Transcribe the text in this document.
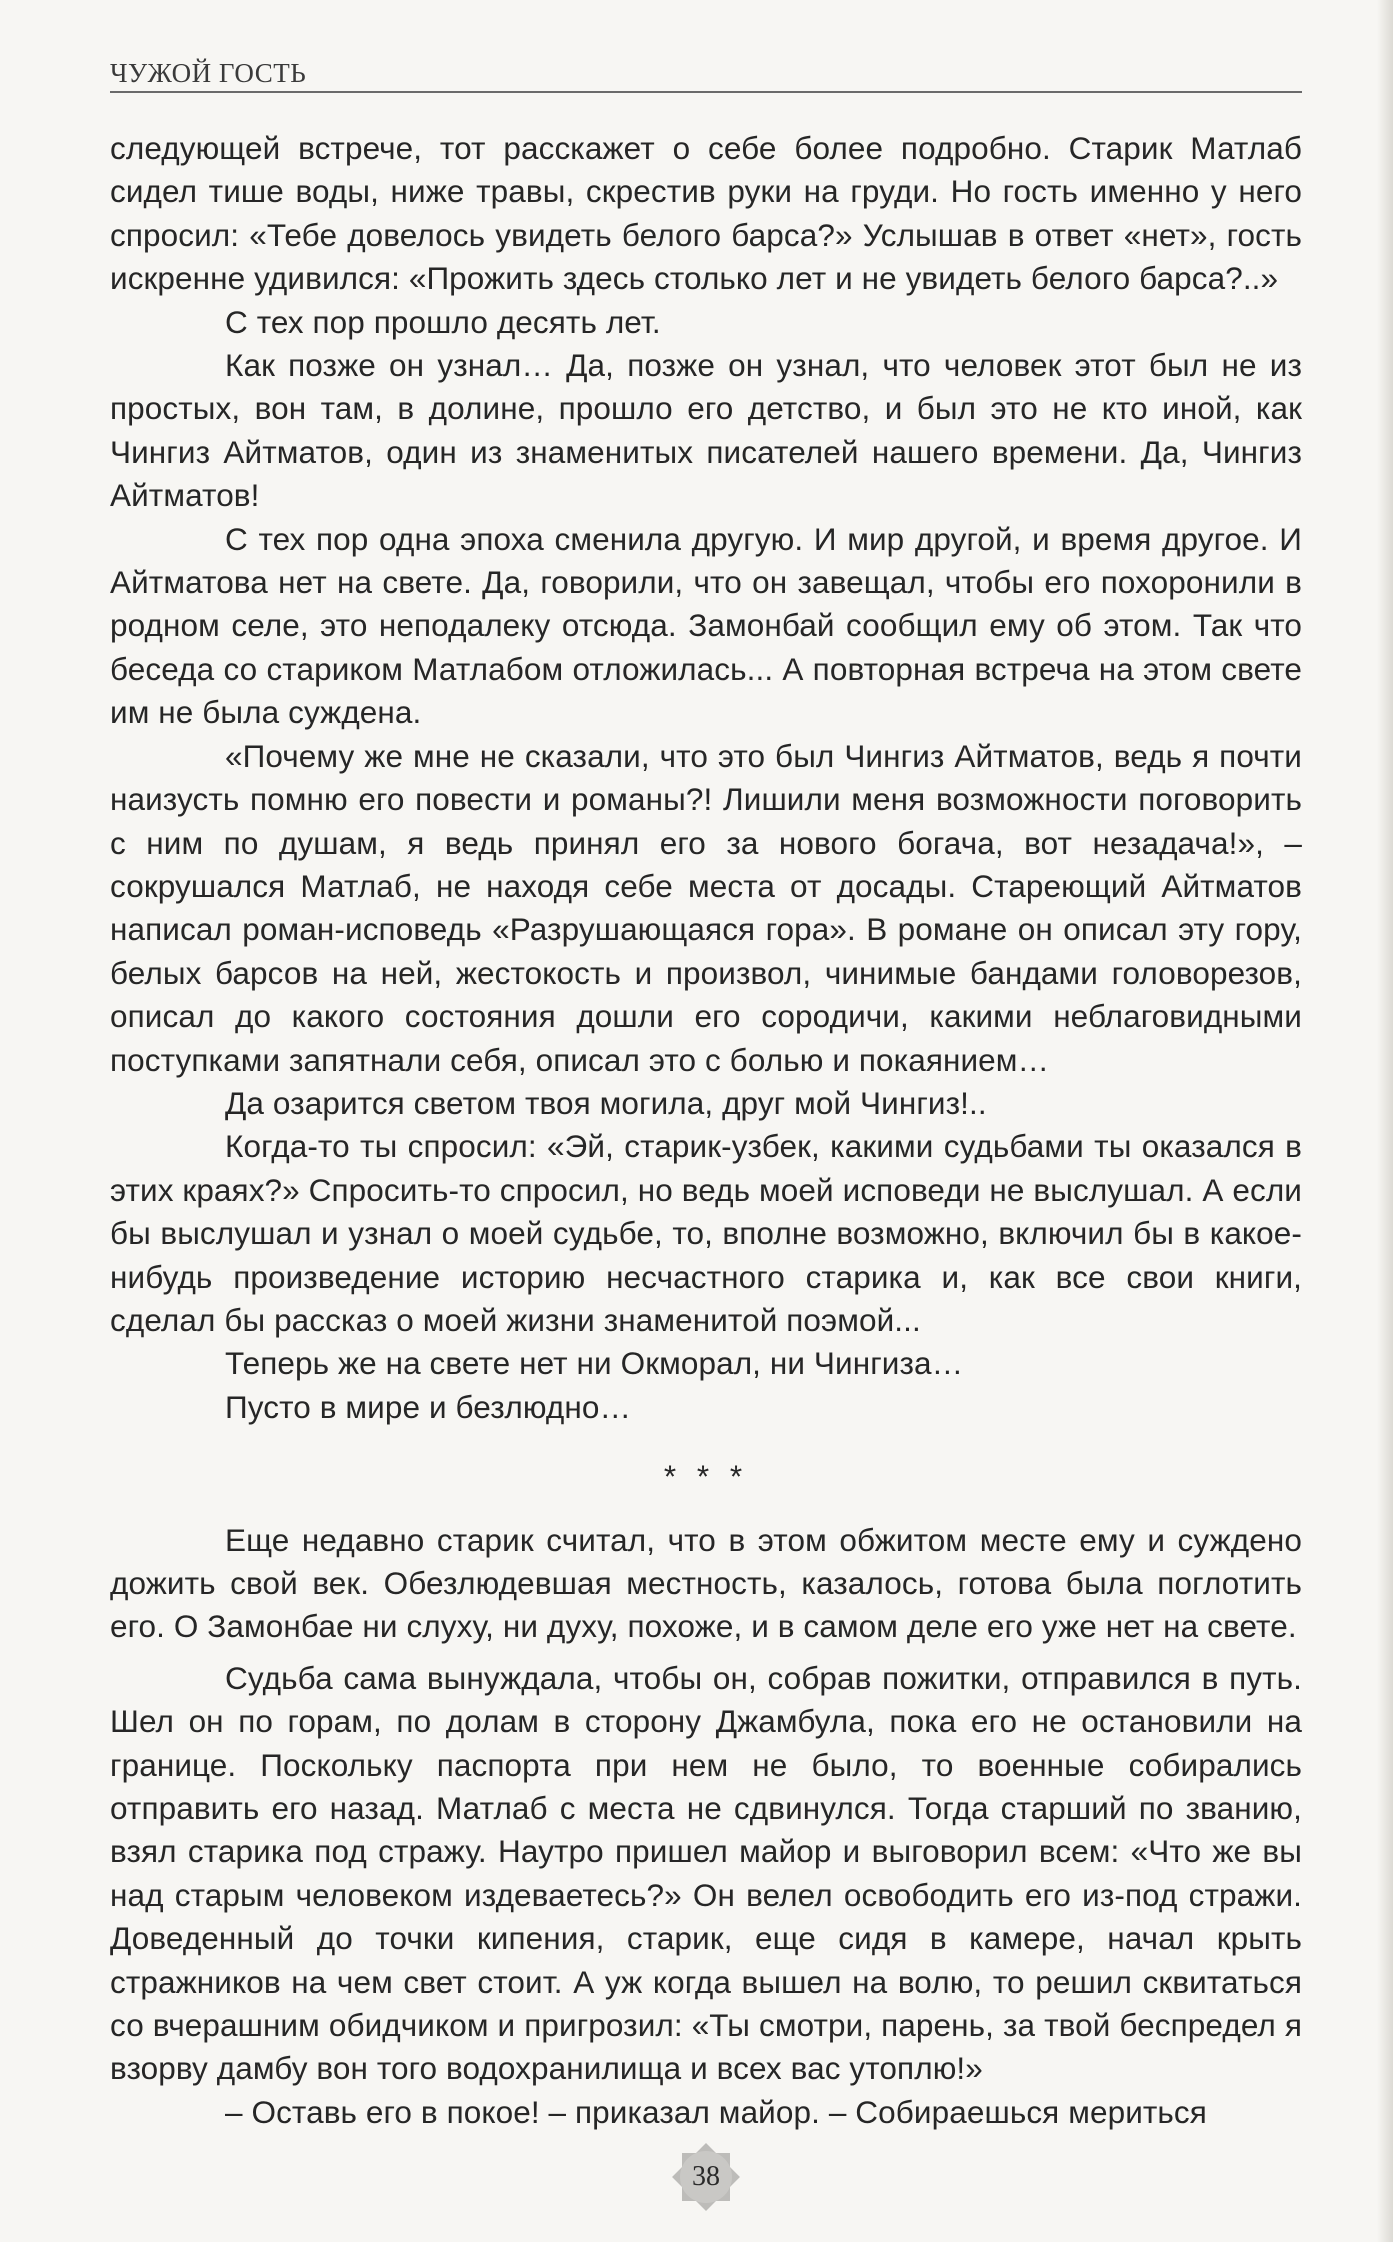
ЧУЖОЙ ГОСТЬ

следующей встрече, тот расскажет о себе более подробно. Старик Матлаб сидел тише воды, ниже травы, скрестив руки на груди. Но гость именно у него спросил: «Тебе довелось увидеть белого барса?» Услышав в ответ «нет», гость искренне удивился: «Прожить здесь столько лет и не увидеть белого барса?..»

С тех пор прошло десять лет.

Как позже он узнал… Да, позже он узнал, что человек этот был не из простых, вон там, в долине, прошло его детство, и был это не кто иной, как Чингиз Айтматов, один из знаменитых писателей нашего времени. Да, Чингиз Айтматов!

С тех пор одна эпоха сменила другую. И мир другой, и время другое. И Айтматова нет на свете. Да, говорили, что он завещал, чтобы его похоронили в родном селе, это неподалеку отсюда. Замонбай сообщил ему об этом. Так что беседа со стариком Матлабом отложилась... А повторная встреча на этом свете им не была суждена.

«Почему же мне не сказали, что это был Чингиз Айтматов, ведь я почти наизусть помню его повести и романы?! Лишили меня возможности поговорить с ним по душам, я ведь принял его за нового богача, вот незадача!», – сокрушался Матлаб, не находя себе места от досады. Стареющий Айтматов написал роман-исповедь «Разрушающаяся гора». В романе он описал эту гору, белых барсов на ней, жестокость и произвол, чинимые бандами головорезов, описал до какого состояния дошли его сородичи, какими неблаговидными поступками запятнали себя, описал это с болью и покаянием…

Да озарится светом твоя могила, друг мой Чингиз!..

Когда-то ты спросил: «Эй, старик-узбек, какими судьбами ты оказался в этих краях?» Спросить-то спросил, но ведь моей исповеди не выслушал. А если бы выслушал и узнал о моей судьбе, то, вполне возможно, включил бы в какое-нибудь произведение историю несчастного старика и, как все свои книги, сделал бы рассказ о моей жизни знаменитой поэмой...

Теперь же на свете нет ни Окморал, ни Чингиза…

Пусто в мире и безлюдно…

* * *

Еще недавно старик считал, что в этом обжитом месте ему и суждено дожить свой век. Обезлюдевшая местность, казалось, готова была поглотить его. О Замонбае ни слуху, ни духу, похоже, и в самом деле его уже нет на свете.

Судьба сама вынуждала, чтобы он, собрав пожитки, отправился в путь. Шел он по горам, по долам в сторону Джамбула, пока его не остановили на границе. Поскольку паспорта при нем не было, то военные собирались отправить его назад. Матлаб с места не сдвинулся. Тогда старший по званию, взял старика под стражу. Наутро пришел майор и выговорил всем: «Что же вы над старым человеком издеваетесь?» Он велел освободить его из-под стражи. Доведенный до точки кипения, старик, еще сидя в камере, начал крыть стражников на чем свет стоит. А уж когда вышел на волю, то решил сквитаться со вчерашним обидчиком и пригрозил: «Ты смотри, парень, за твой беспредел я взорву дамбу вон того водохранилища и всех вас утоплю!»

– Оставь его в покое! – приказал майор. – Собираешься мериться

38
